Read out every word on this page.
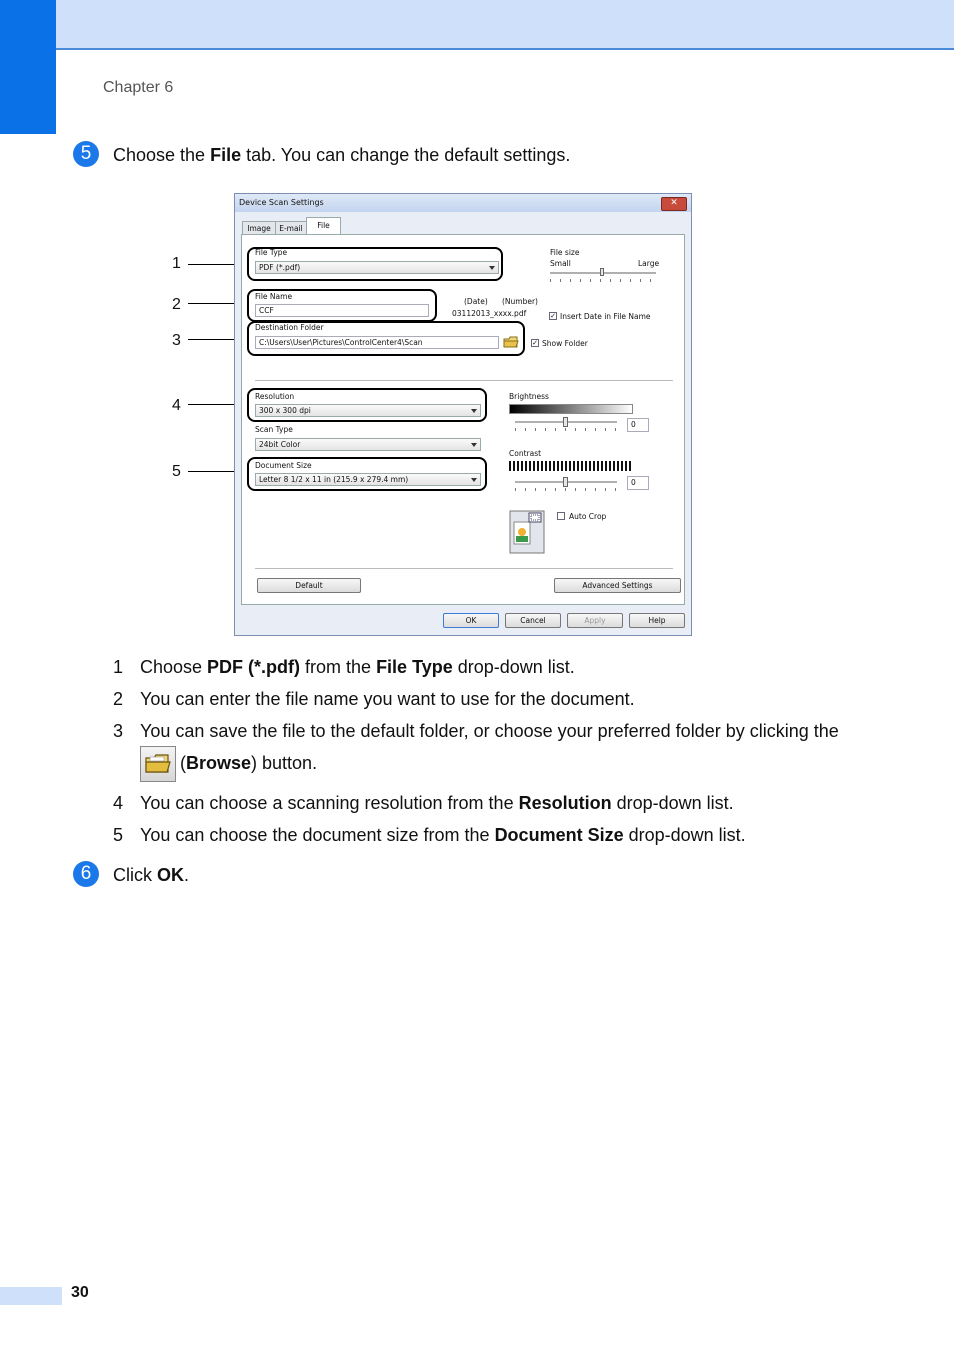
Chapter 6
5	Choose the File tab. You can change the default settings.
1
2
3
4
5
Device Scan Settings	✕
Image	E-mail	File
File Type
PDF (*.pdf)
File size
Small	Large
File Name
CCF
(Date) (Number)
03112013_xxxx.pdf	✓ Insert Date in File Name
Destination Folder
C:\Users\User\Pictures\ControlCenter4\Scan	✓ Show Folder
Resolution
300 x 300 dpi
Scan Type
24bit Color
Document Size
Letter 8 1/2 x 11 in (215.9 x 279.4 mm)
Brightness
0
Contrast
0
Auto Crop
Default	Advanced Settings
OK	Cancel	Apply	Help
1 Choose PDF (*.pdf) from the File Type drop-down list.
2 You can enter the file name you want to use for the document.
3 You can save the file to the default folder, or choose your preferred folder by clicking the

(Browse) button.
4 You can choose a scanning resolution from the Resolution drop-down list.
5 You can choose the document size from the Document Size drop-down list.
6	Click OK.
30
